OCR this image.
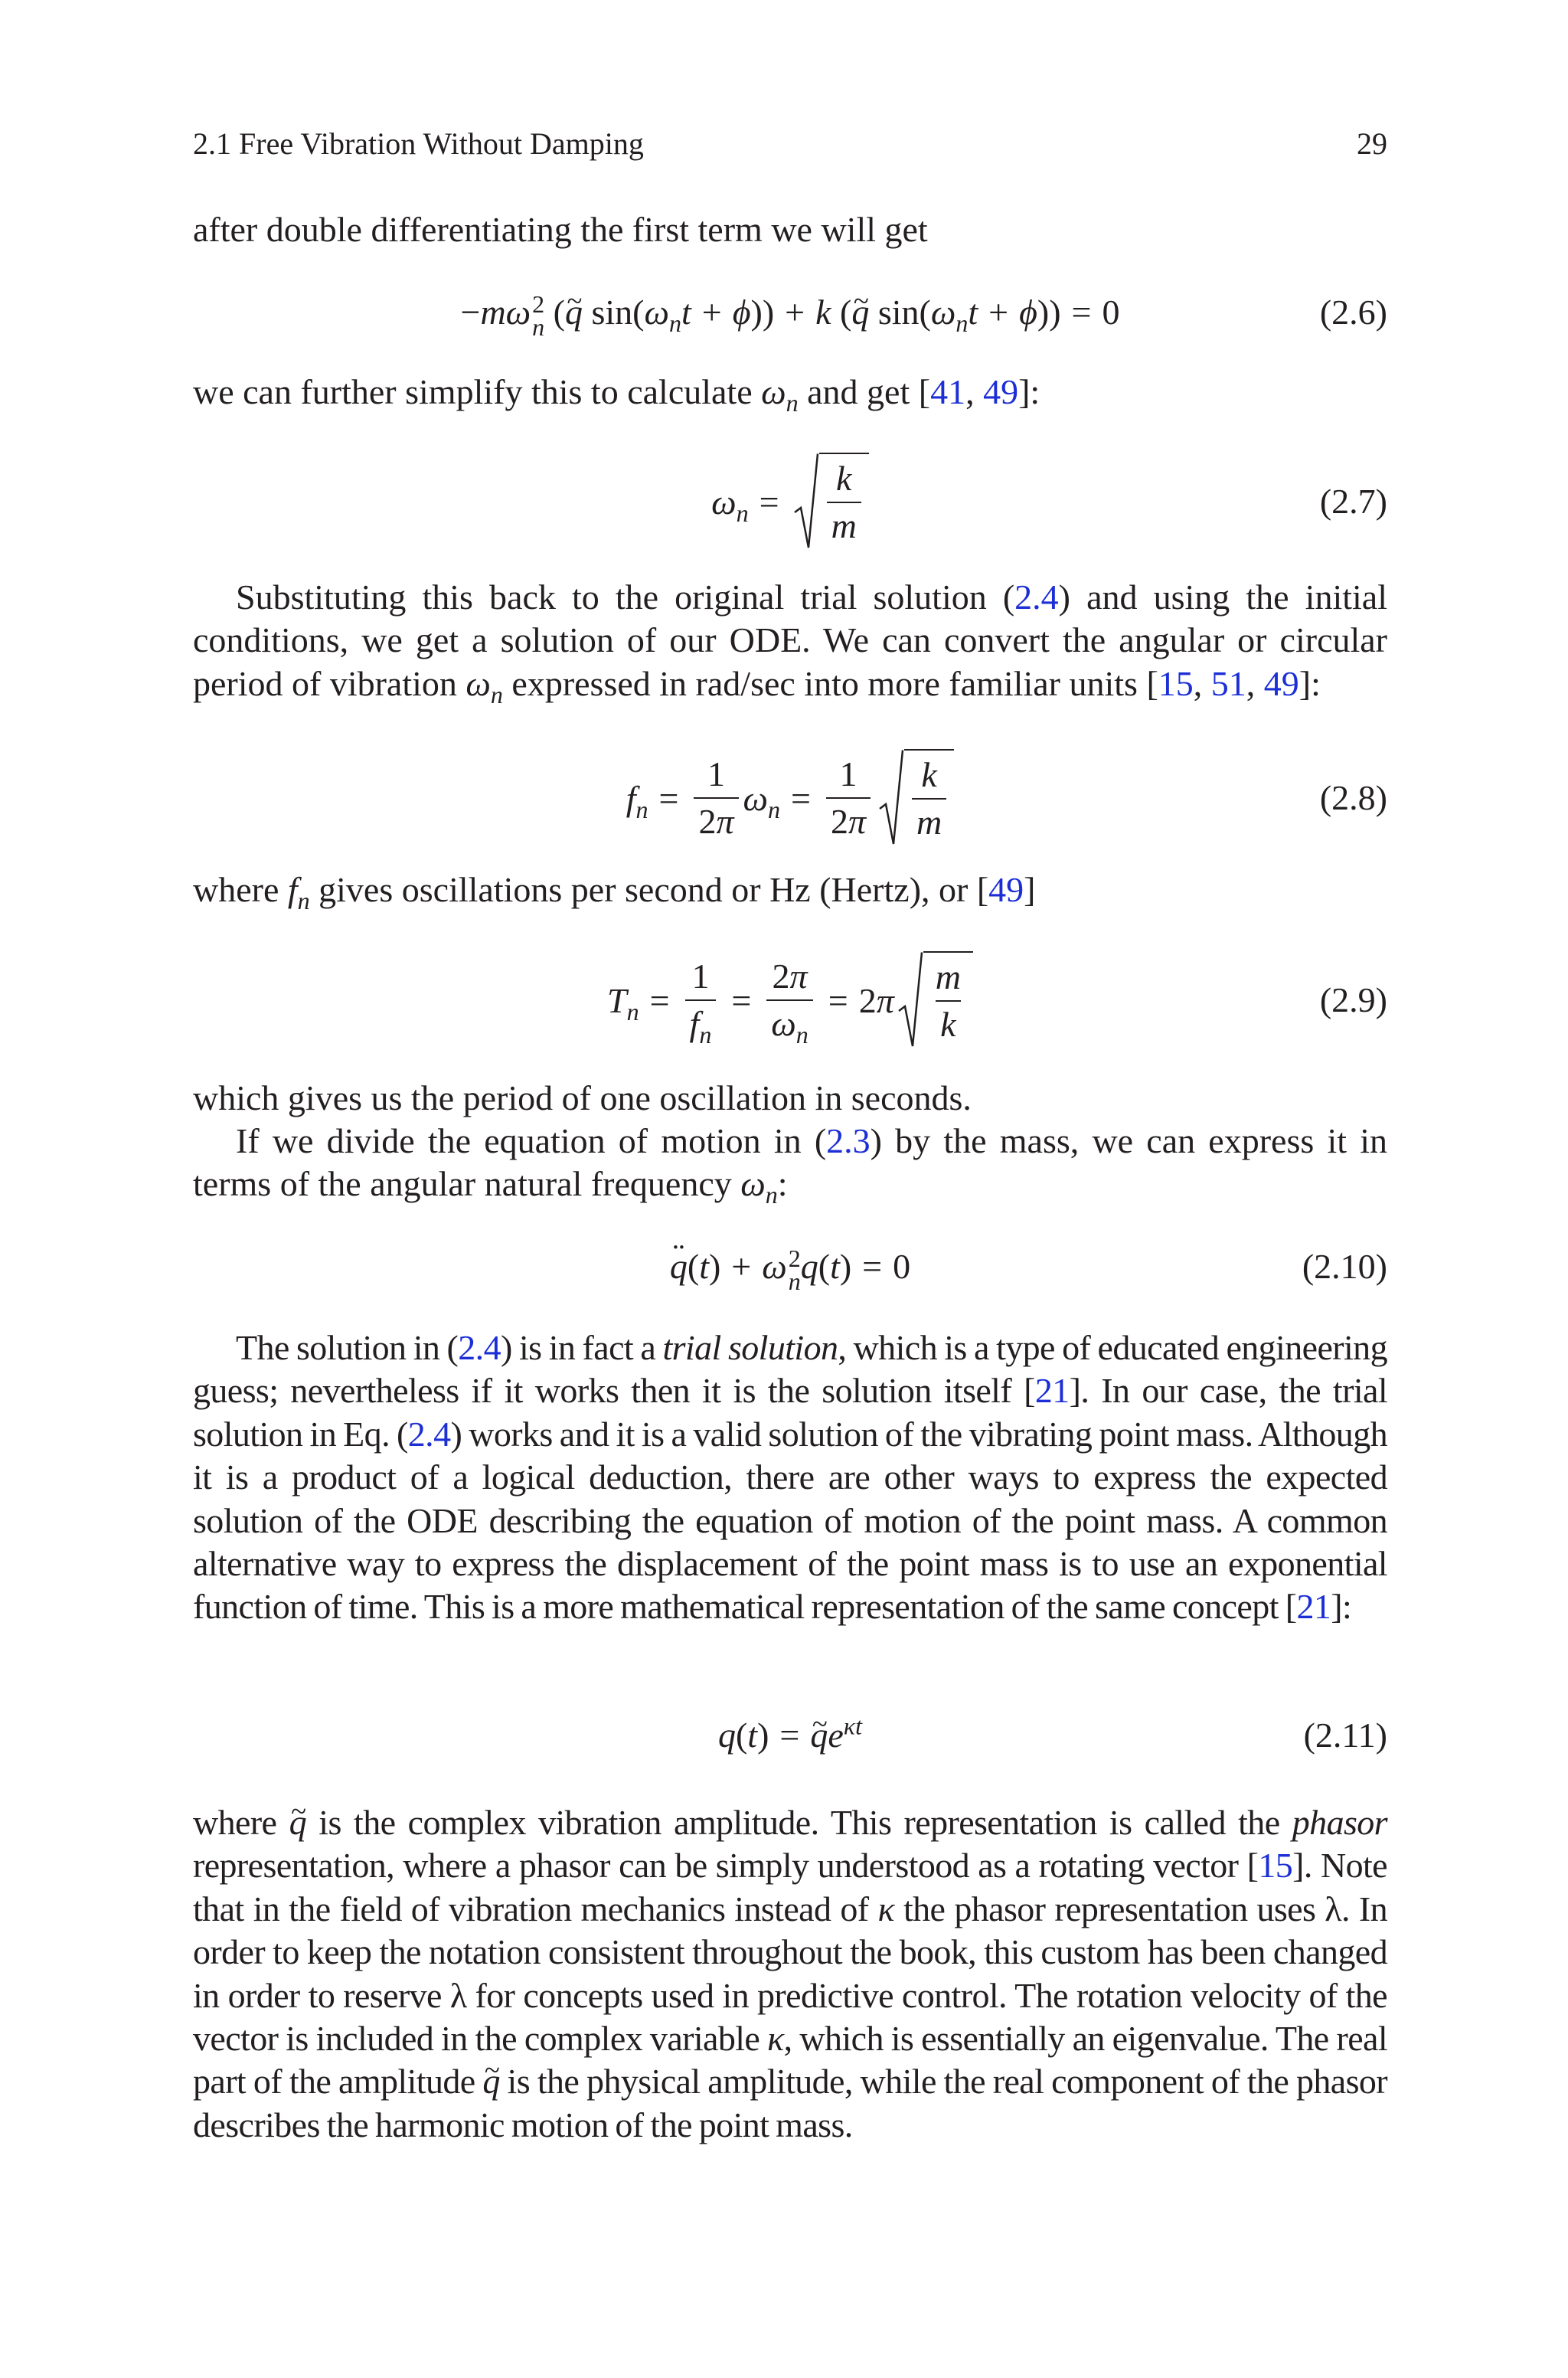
2.1 Free Vibration Without Damping	29

after double differentiating the first term we will get

−mω 2
n (~ q $\sin(\omega_nt + \phi)) + k$ (~ q $\sin(\omega_nt + \phi)) = 0$	(2.6)

we can further simplify this to calculate $\omega_n$ and get [41, 49]:

$\omega_n = \frac{k}{m}$	(2.7)

Substituting this back to the original trial solution (2.4) and using the initial conditions, we get a solution of our ODE. We can convert the angular or circular period of vibration $\omega_n$ expressed in rad/sec into more familiar units [15, 51, 49]:

$f_n = \frac{1}{2\pi} \omega_n = \frac{1}{2\pi} \frac{k}{m}$	(2.8)

where $f_n$ gives oscillations per second or Hz (Hertz), or [49]

$T_n = \frac{1}{f_n} = \frac{2\pi}{\omega_n} = 2$ π $\frac{m}{k}$	(2.9)

which gives us the period of one oscillation in seconds.

If we divide the equation of motion in (2.3) by the mass, we can express it in terms of the angular natural frequency $\omega_n$:

¨ q(t) + ω 2
n q(t) = 0	(2.10)

The solution in (2.4) is in fact a trial solution, which is a type of educated engineering guess; nevertheless if it works then it is the solution itself [21]. In our case, the trial solution in Eq. (2.4) works and it is a valid solution of the vibrating point mass. Although it is a product of a logical deduction, there are other ways to express the expected solution of the ODE describing the equation of motion of the point mass. A common alternative way to express the displacement of the point mass is to use an exponential function of time. This is a more mathematical representation of the same concept [21]:

q(t) =~ $qe^{\kappa t}$	(2.11)

where ~ q is the complex vibration amplitude. This representation is called the phasor representation, where a phasor can be simply understood as a rotating vector [15]. Note that in the field of vibration mechanics instead of κ the phasor representation uses λ. In order to keep the notation consistent throughout the book, this custom has been changed in order to reserve λ for concepts used in predictive control. The rotation velocity of the vector is included in the complex variable κ, which is essentially an eigenvalue. The real part of the amplitude ~ q is the physical amplitude, while the real component of the phasor describes the harmonic motion of the point mass.
